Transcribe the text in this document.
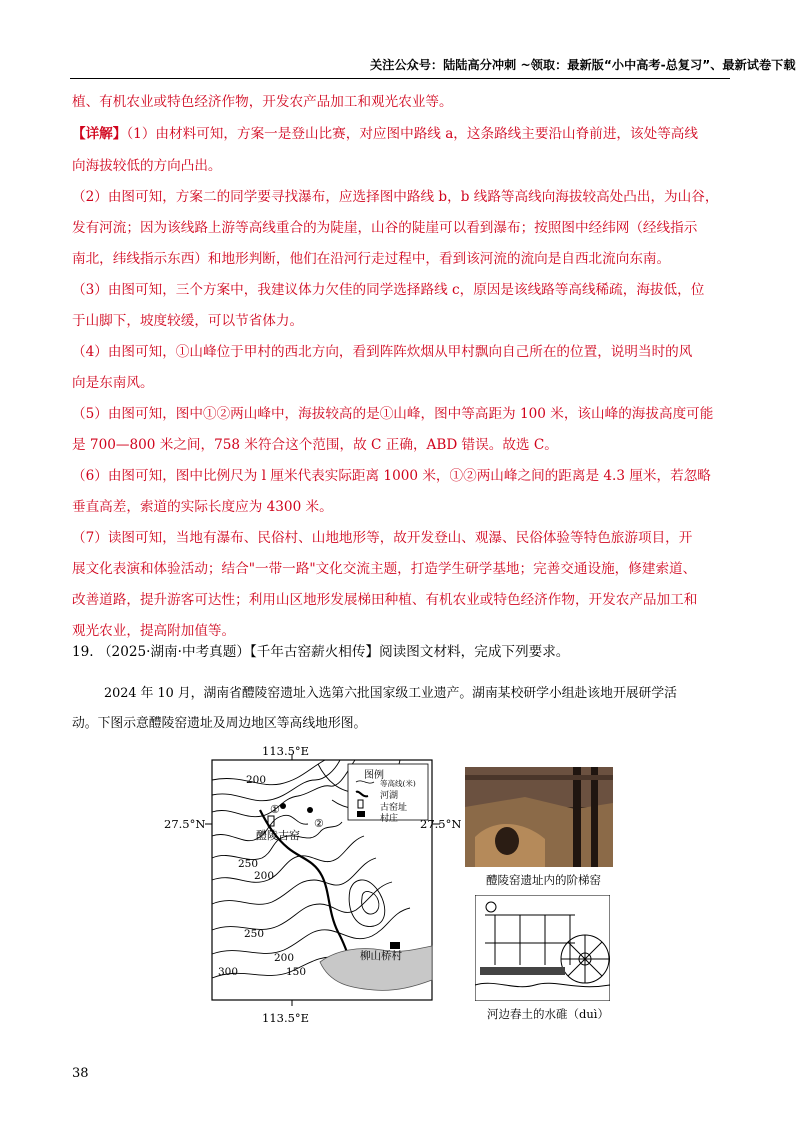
关注公众号：陆陆高分冲刺 ~领取：最新版“小中高考-总复习”、最新试卷下载
植、有机农业或特色经济作物，开发农产品加工和观光农业等。
【详解】（1）由材料可知，方案一是登山比赛，对应图中路线 a，这条路线主要沿山脊前进，该处等高线
向海拔较低的方向凸出。
（2）由图可知，方案二的同学要寻找瀑布，应选择图中路线 b，b 线路等高线向海拔较高处凸出，为山谷，
发有河流；因为该线路上游等高线重合的为陡崖，山谷的陡崖可以看到瀑布；按照图中经纬网（经线指示
南北，纬线指示东西）和地形判断，他们在沿河行走过程中，看到该河流的流向是自西北流向东南。
（3）由图可知，三个方案中，我建议体力欠佳的同学选择路线 c，原因是该线路等高线稀疏，海拔低，位
于山脚下，坡度较缓，可以节省体力。
（4）由图可知，①山峰位于甲村的西北方向，看到阵阵炊烟从甲村飘向自己所在的位置，说明当时的风
向是东南风。
（5）由图可知，图中①②两山峰中，海拔较高的是①山峰，图中等高距为 100 米，该山峰的海拔高度可能
是 700—800 米之间，758 米符合这个范围，故 C 正确，ABD 错误。故选 C。
（6）由图可知，图中比例尺为 l 厘米代表实际距离 1000 米，①②两山峰之间的距离是 4.3 厘米，若忽略
垂直高差，索道的实际长度应为 4300 米。
（7）读图可知，当地有瀑布、民俗村、山地地形等，故开发登山、观瀑、民俗体验等特色旅游项目，开
展文化表演和体验活动；结合"一带一路"文化交流主题，打造学生研学基地；完善交通设施，修建索道、
改善道路，提升游客可达性；利用山区地形发展梯田种植、有机农业或特色经济作物，开发农产品加工和
观光农业，提高附加值等。
19. （2025·湖南·中考真题）【千年古窑薪火相传】阅读图文材料，完成下列要求。
2024 年 10 月，湖南省醴陵窑遗址入选第六批国家级工业遗产。湖南某校研学小组赴该地开展研学活
动。下图示意醴陵窑遗址及周边地区等高线地形图。
113.5°E
113.5°E
27.5°N	27.5°N
200
250
200
250
200
150
300
①
②
醴陵古窑
柳山桥村
图例
等高线(米)
河湖
古窑址
村庄
醴陵窑遗址内的阶梯窑
河边舂土的水碓（duì）
38
